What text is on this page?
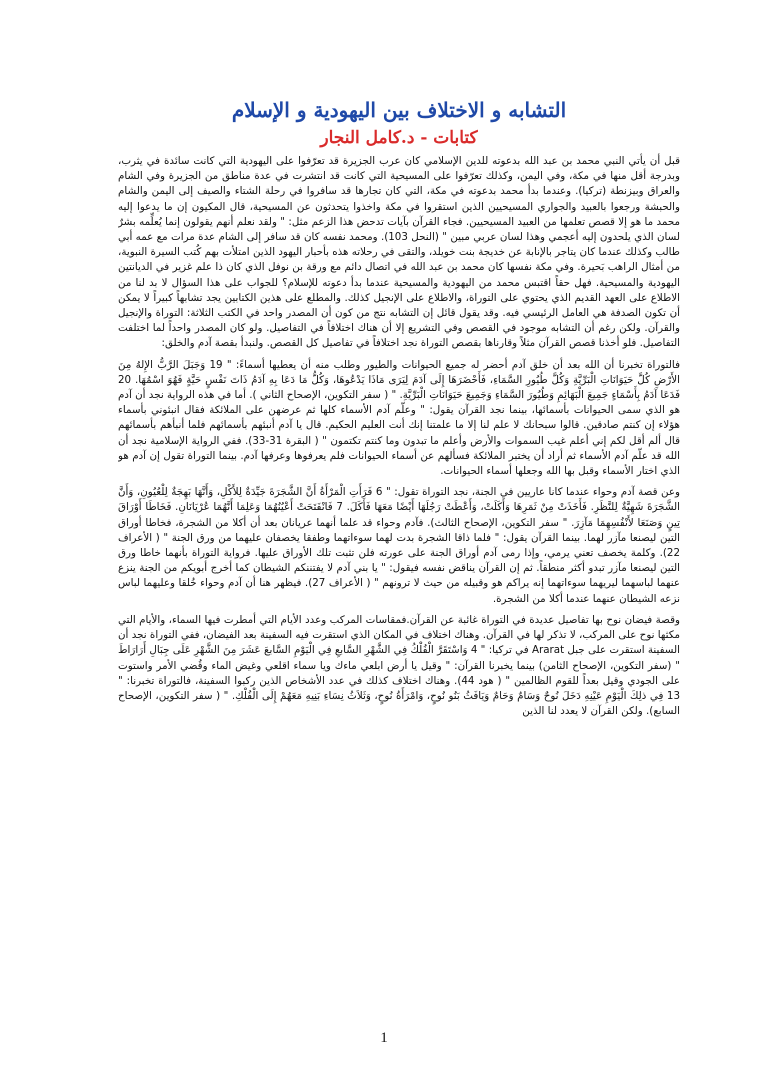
التشابه و الاختلاف بين اليهودية و الإسلام
كتابات - د.كامل النجار

قبل أن يأتي النبي محمد بن عبد الله بدعوته للدين الإسلامي كان عرب الجزيرة قد تعرّفوا على اليهودية التي كانت سائدة في يثرب، وبدرجة أقل منها في مكة، وفي اليمن، وكذلك تعرّفوا على المسيحية التي كانت قد انتشرت في عدة مناطق من الجزيرة وفي الشام والعراق وبيزنطة (تركيا). وعندما بدأ محمد بدعوته في مكة، التي كان تجارها قد سافروا في رحلة الشتاء والصيف إلى اليمن والشام والحبشة ورجعوا بالعبيد والجواري المسيحيين الذين استقروا في مكة واخذوا يتحدثون عن المسيحية، قال المكيون إن ما يدعوا إليه محمد ما هو إلا قصص تعلمها من العبيد المسيحيين. فجاء القرآن بآيات تدحض هذا الزعم مثل: " ولقد نعلم أنهم يقولون إنما يُعلِّمه بشرٌ لسان الذي يلحدون إليه أعجمي وهذا لسان عربي مبين " (النحل 103). ومحمد نفسه كان قد سافر إلى الشام عدة مرات مع عمه أبي طالب وكذلك عندما كان يتاجر بالإنابة عن خديجة بنت خويلد، والتقى في رحلاته هذه بأحبار اليهود الذين امتلأت بهم كُتب السيرة النبوية، من أمثال الراهب بَحيرة. وفي مكة نفسها كان محمد بن عبد الله في اتصال دائم مع ورقة بن نوفل الذي كان ذا علم غزير في الديانتين اليهودية والمسيحية. فهل حقاً اقتبس محمد من اليهودية والمسيحية عندما بدأ دعوته للإسلام؟ للجواب على هذا السؤال لا بد لنا من الاطلاع على العهد القديم الذي يحتوي على التوراة، والاطلاع على الإنجيل كذلك. والمطلع على هذين الكتابين يجد تشابهاً كبيراً لا يمكن أن تكون الصدفة هي العامل الرئيسي فيه. وقد يقول قائل إن التشابه نتج من كون أن المصدر واحد في الكتب الثلاثة: التوراة والإنجيل والقرآن. ولكن رغم أن التشابه موجود في القصص وفي التشريع إلا أن هناك اختلافاً في التفاصيل. ولو كان المصدر واحداً لما اختلفت التفاصيل. فلو أخذنا قصص القرآن مثلاً وقارناها بقصص التوراة نجد اختلافاً في تفاصيل كل القصص. ولنبدأ بقصة آدم والخلق:

فالتوراة تخبرنا أن الله بعد أن خلق آدم أحضر له جميع الحيوانات والطيور وطلب منه أن يعطيها أسماءً: " 19 وَجَبَلَ الرَّبُّ الإِلهُ مِنَ الأَرْضِ كُلَّ حَيَوَانَاتِ الْبَرِّيَّةِ وَكُلَّ طُيُورِ السَّمَاءِ، فَأَحْضَرَهَا إِلَى آدَمَ لِيَرَى مَاذَا يَدْعُوهَا، وَكُلُّ مَا دَعَا بِهِ آدَمُ ذَاتَ نَفْسٍ حَيَّةٍ فَهُوَ اسْمُهَا. 20 فَدَعَا آدَمُ بِأَسْمَاءٍ جَمِيعَ الْبَهَائِمِ وَطُيُورَ السَّمَاءِ وَجَمِيعَ حَيَوَانَاتِ الْبَرِّيَّةِ. " ( سفر التكوين، الإصحاح الثاني ). أما في هذه الرواية نجد أن آدم هو الذي سمى الحيوانات بأسمائها، بينما نجد القرآن يقول: " وعلّم آدم الأسماء كلها ثم عرضهن على الملائكة فقال انبئوني بأسماء هؤلاء إن كنتم صادقين. قالوا سبحانك لا علم لنا إلا ما علمتنا إنك أنت العليم الحكيم. قال يا آدم أنبئهم بأسمائهم فلما أنبأهم بأسمائهم قال ألم أقل لكم إني أعلم غيب السموات والأرض وأعلم ما تبدون وما كنتم تكتمون " ( البقرة 31-33). ففي الرواية الإسلامية نجد أن الله قد علّم آدم الأسماء ثم أراد أن يختبر الملائكة فسألهم عن أسماء الحيوانات فلم يعرفوها وعرفها آدم. بينما التوراة تقول إن آدم هو الذي اختار الأسماء وقبل بها الله وجعلها أسماء الحيوانات.

وعن قصة آدم وحواء عندما كانا عاريين في الجنة، نجد التوراة تقول: " 6 فَرَأَتِ الْمَرْأَةُ أَنَّ الشَّجَرَةَ جَيِّدَةٌ لِلأَكْلِ، وَأَنَّهَا بَهِجَةٌ لِلْعُيُونِ، وَأَنَّ الشَّجَرَةَ شَهِيَّةٌ لِلنَّظَرِ. فَأَخَذَتْ مِنْ ثَمَرِهَا وَأَكَلَتْ، وَأَعْطَتْ رَجُلَهَا أَيْضًا مَعَهَا فَأَكَلَ. 7 فَانْفَتَحَتْ أَعْيُنُهُمَا وَعَلِمَا أَنَّهُمَا عُرْيَانَانِ. فَخَاطَا أَوْرَاقَ تِينٍ وَصَنَعَا لأَنْفُسِهِمَا مَآزِرَ. " سفر التكوين، الإصحاح الثالث). فآدم وحواء قد علما أنهما عريانان بعد أن أكلا من الشجرة، فخاطا أوراق التين ليصنعا مآزر لهما. بينما القرآن يقول: " فلما ذاقا الشجرة بدت لهما سوءاتهما وطفقا يخصفان عليهما من ورق الجنة " ( الأعراف 22). وكلمة يخصف تعني يرمي، وإذا رمى آدم أوراق الجنة على عورته فلن تثبت تلك الأوراق عليها. فرواية التوراة بأنهما خاطا ورق التين ليصنعا مآزر تبدو أكثر منطقاً. ثم إن القرآن يناقض نفسه فيقول: " يا بني آدم لا يفتننكم الشيطان كما أخرج أبويكم من الجنة ينزع عنهما لباسهما ليريهما سوءاتهما إنه يراكم هو وقبيله من حيث لا ترونهم " ( الأعراف 27). فيظهر هنا أن آدم وحواء خُلقا وعليهما لباس نزعه الشيطان عنهما عندما أكلا من الشجرة.

وقصة فيضان نوح بها تفاصيل عديدة في التوراة غائبة عن القرآن.فمقاسات المركب وعدد الأيام التي أمطرت فيها السماء، والأيام التي مكثها نوح على المركب، لا تذكر لها في القرآن. وهناك اختلاف في المكان الذي استقرت فيه السفينة بعد الفيضان، ففي التوراة نجد أن السفينة استقرت على جبل Ararat في تركيا: " 4 وَاسْتَقَرَّ الْفُلْكُ فِي الشَّهْرِ السَّابعِ فِي الْيَوْمِ السَّابعَ عَشَرَ مِنَ الشَّهْرِ عَلَى جِبَالِ أَرَارَاطَ " (سفر التكوين، الإصحاح الثامن) بينما يخبرنا القرآن: " وقيل يا أرض ابلعي ماءك ويا سماء اقلعي وغيض الماء وقُضي الأمر واستوت على الجودي وقيل بعداً للقوم الظالمين " ( هود 44). وهناك اختلاف كذلك في عدد الأشخاص الذين ركبوا السفينة، فالتوراة تخبرنا: " 13 فِي ذلِكَ الْيَوْمِ عَيْنِهِ دَخَلَ نُوحٌ وَسَامٌ وَحَامٌ وَيَافَثُ بَنُو نُوحٍ، وَامْرَأَةُ نُوحٍ، وَثَلاَثُ نِسَاءِ بَنِيهِ مَعَهُمْ إِلَى الْفُلْكِ. " ( سفر التكوين، الإصحاح السابع). ولكن القرآن لا يعدد لنا الذين

1
